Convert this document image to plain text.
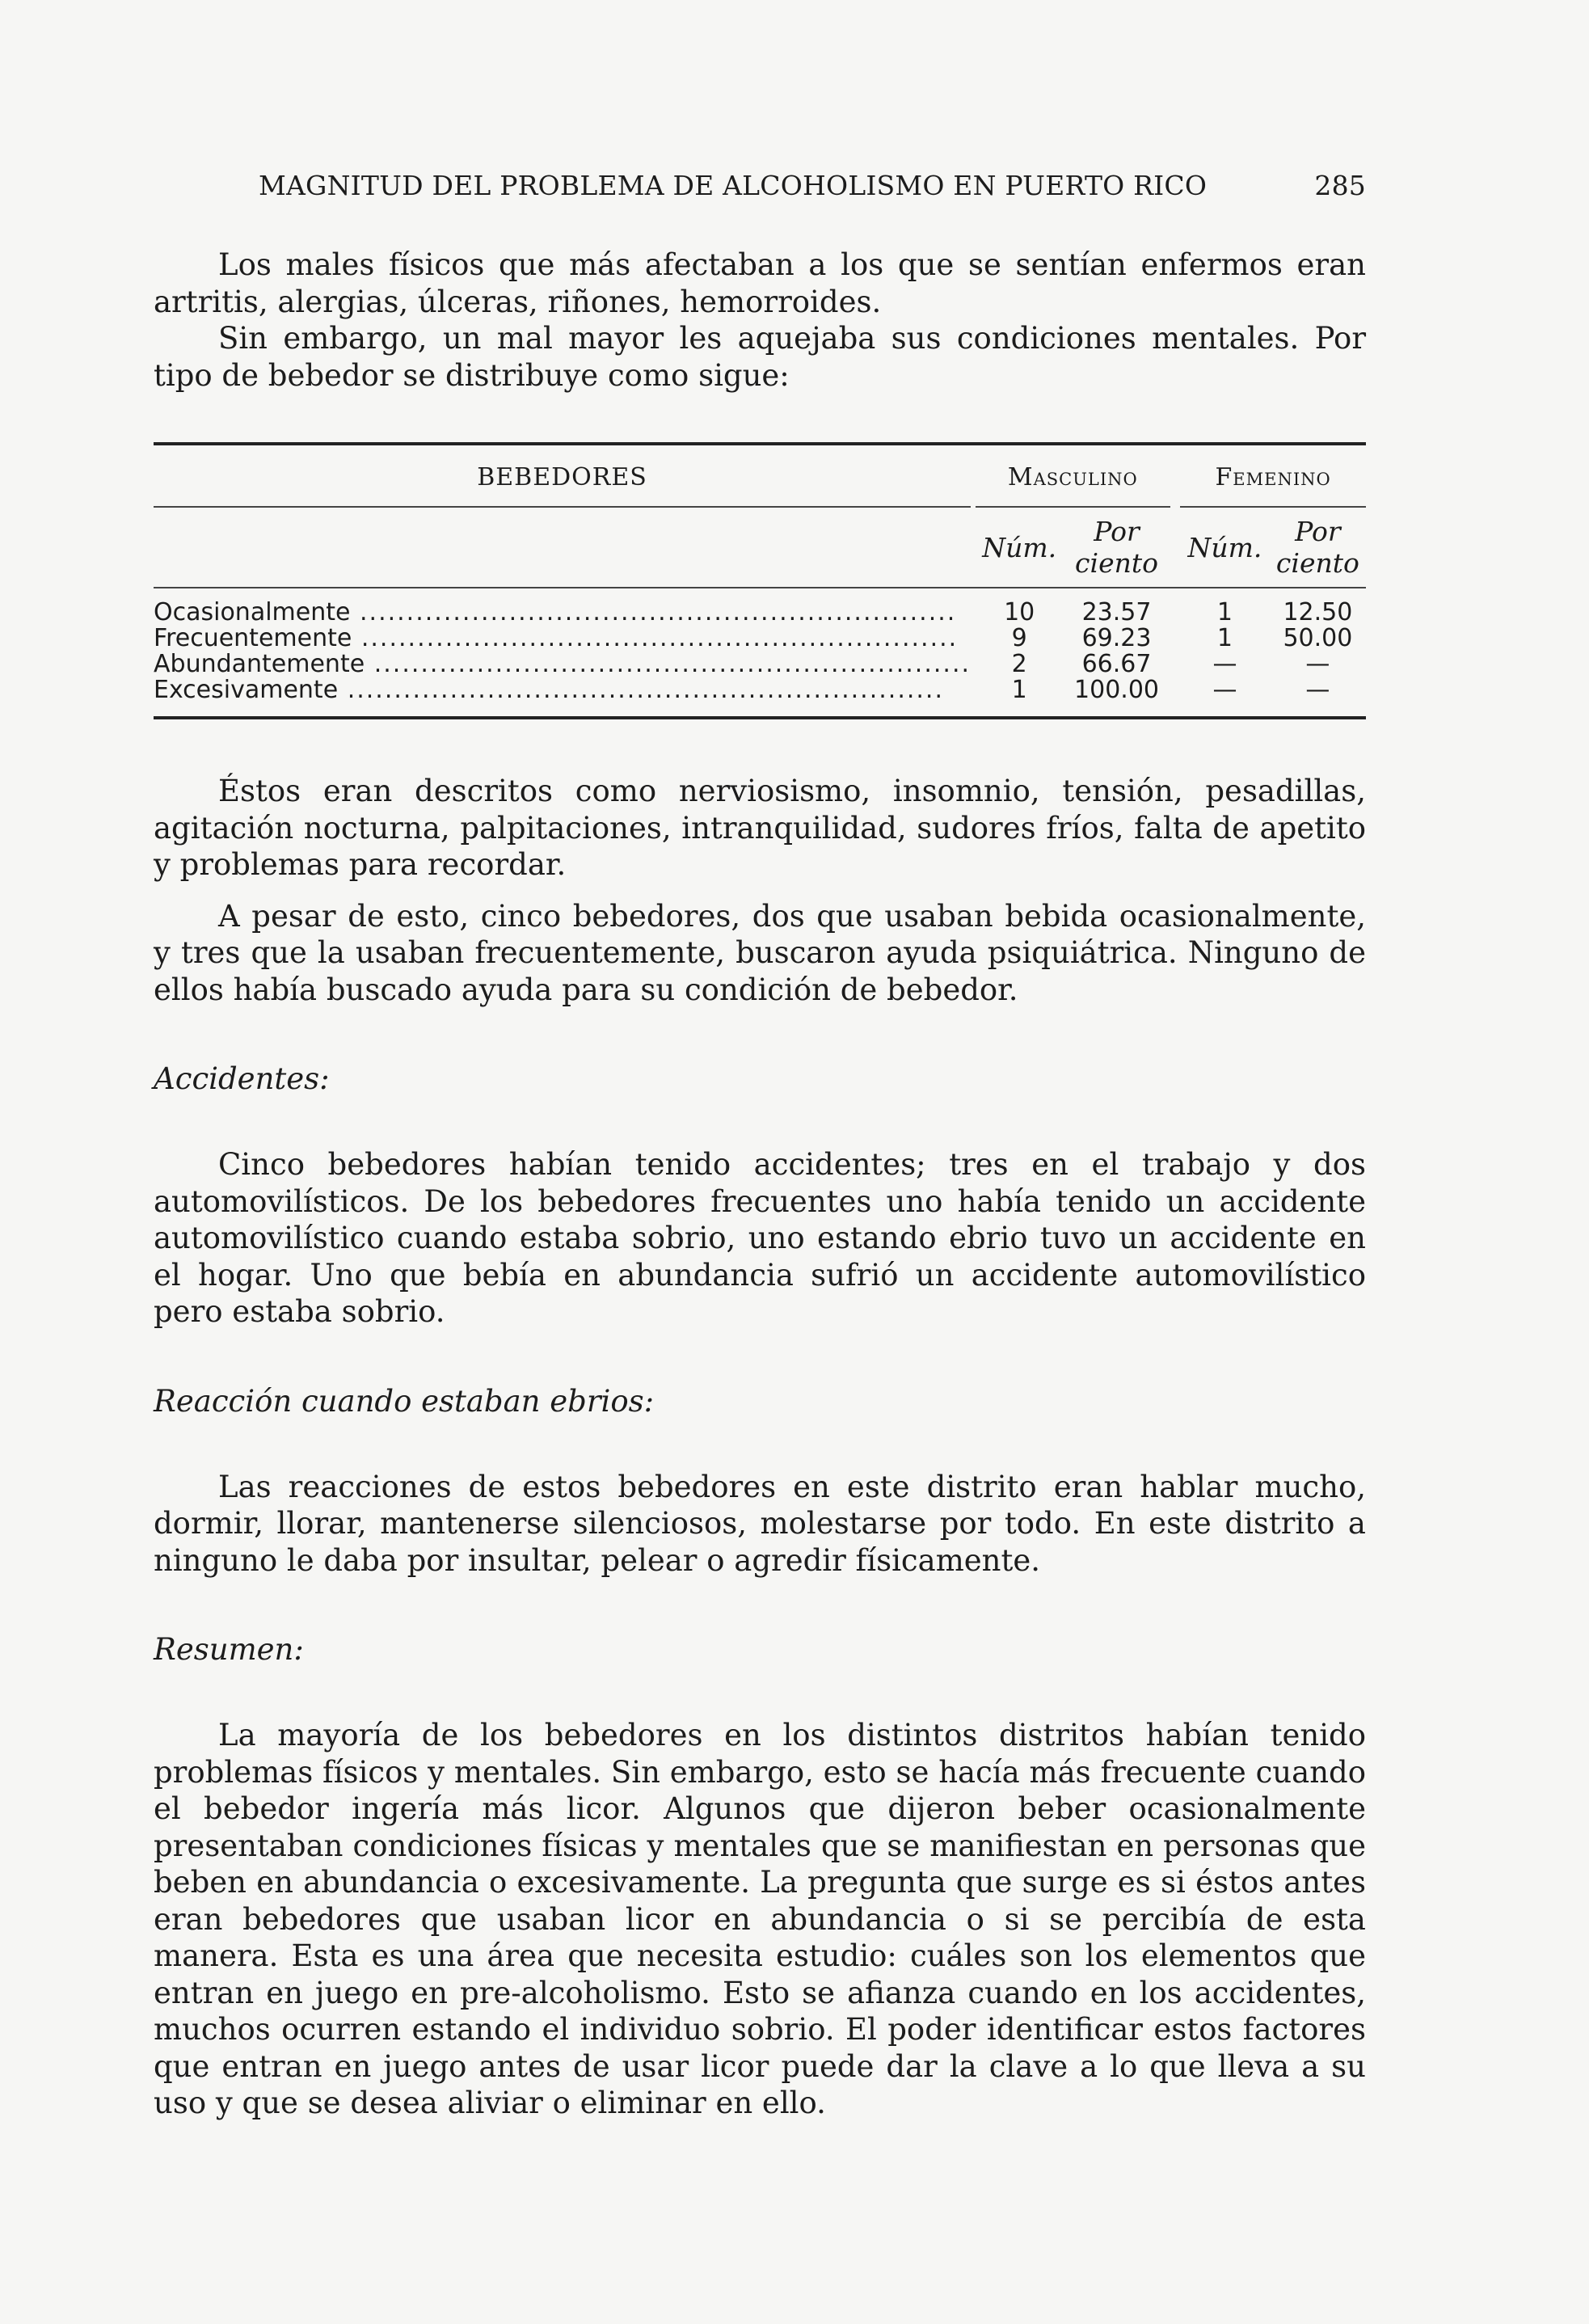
MAGNITUD DEL PROBLEMA DE ALCOHOLISMO EN PUERTO RICO	285

Los males físicos que más afectaban a los que se sentían enfermos eran artritis, alergias, úlceras, riñones, hemorroides.

Sin embargo, un mal mayor les aquejaba sus condiciones mentales. Por tipo de bebedor se distribuye como sigue:

BEBEDORES		Masculino			Femenino	
		Núm.	Por ciento		Núm.	Por ciento

Ocasionalmente .....		10	23.57		1	12.50
Frecuentemente .....		9	69.23		1	50.00
Abundantemente .....		2	66.67		—	—
Excesivamente .....		1	100.00		—	—

Éstos eran descritos como nerviosismo, insomnio, tensión, pesadillas, agitación nocturna, palpitaciones, intranquilidad, sudores fríos, falta de apetito y problemas para recordar.

A pesar de esto, cinco bebedores, dos que usaban bebida ocasionalmente, y tres que la usaban frecuentemente, buscaron ayuda psiquiátrica. Ninguno de ellos había buscado ayuda para su condición de bebedor.

Accidentes:

Cinco bebedores habían tenido accidentes; tres en el trabajo y dos automovilísticos. De los bebedores frecuentes uno había tenido un accidente automovilístico cuando estaba sobrio, uno estando ebrio tuvo un accidente en el hogar. Uno que bebía en abundancia sufrió un accidente automovilístico pero estaba sobrio.

Reacción cuando estaban ebrios:

Las reacciones de estos bebedores en este distrito eran hablar mucho, dormir, llorar, mantenerse silenciosos, molestarse por todo. En este distrito a ninguno le daba por insultar, pelear o agredir físicamente.

Resumen:

La mayoría de los bebedores en los distintos distritos habían tenido problemas físicos y mentales. Sin embargo, esto se hacía más frecuente cuando el bebedor ingería más licor. Algunos que dijeron beber ocasionalmente presentaban condiciones físicas y mentales que se manifiestan en personas que beben en abundancia o excesivamente. La pregunta que surge es si éstos antes eran bebedores que usaban licor en abundancia o si se percibía de esta manera. Esta es una área que necesita estudio: cuáles son los elementos que entran en juego en pre-alcoholismo. Esto se afianza cuando en los accidentes, muchos ocurren estando el individuo sobrio. El poder identificar estos factores que entran en juego antes de usar licor puede dar la clave a lo que lleva a su uso y que se desea aliviar o eliminar en ello.
